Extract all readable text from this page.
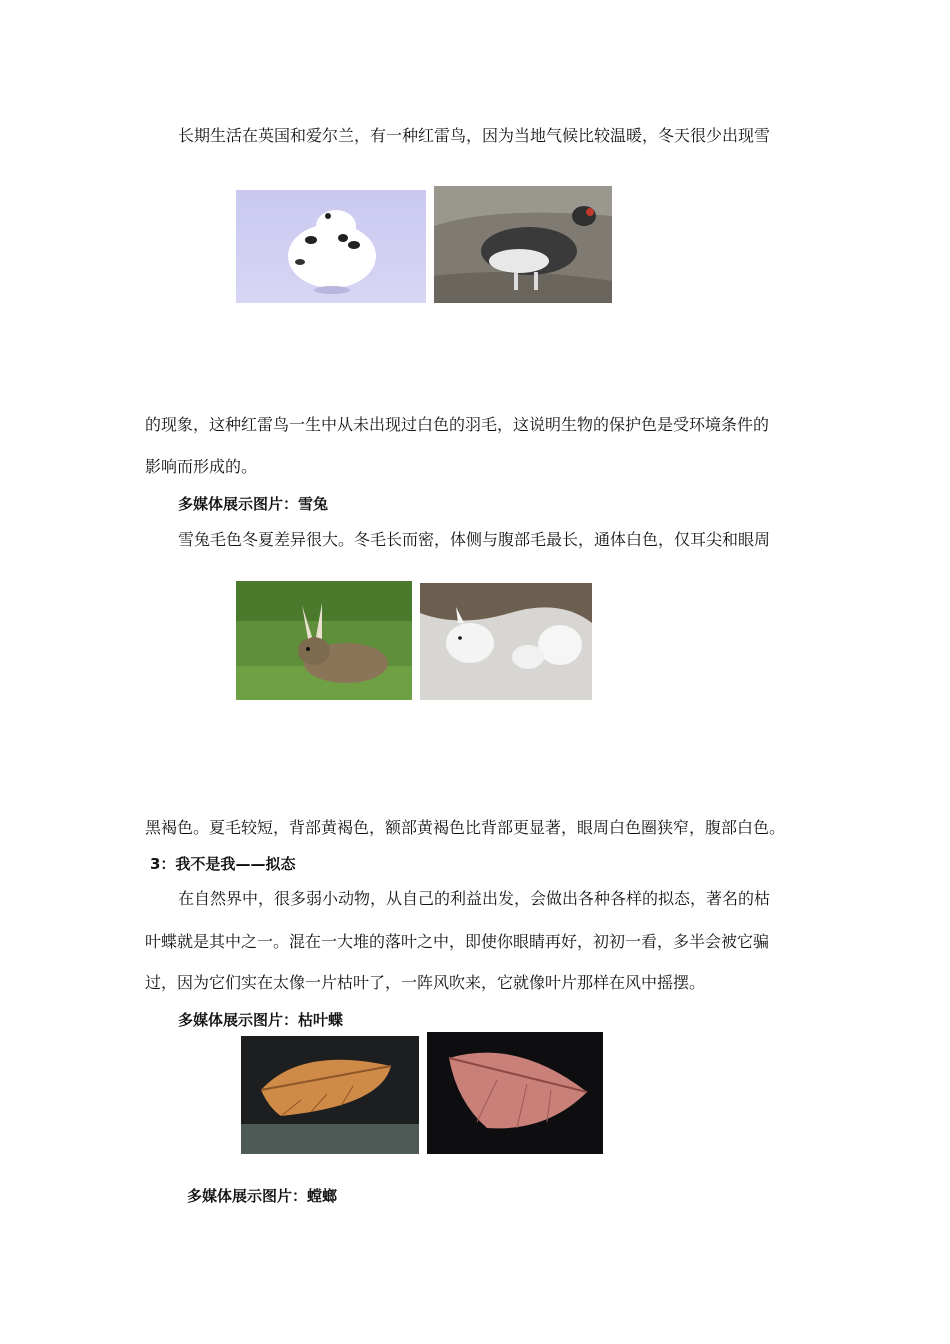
长期生活在英国和爱尔兰，有一种红雷鸟，因为当地气候比较温暖，冬天很少出现雪
的现象，这种红雷鸟一生中从未出现过白色的羽毛，这说明生物的保护色是受环境条件的
影响而形成的。
多媒体展示图片：雪兔
雪兔毛色冬夏差异很大。冬毛长而密，体侧与腹部毛最长，通体白色，仅耳尖和眼周
黑褐色。夏毛较短，背部黄褐色，额部黄褐色比背部更显著，眼周白色圈狭窄，腹部白色。
3：我不是我——拟态
在自然界中，很多弱小动物，从自己的利益出发，会做出各种各样的拟态，著名的枯
叶蝶就是其中之一。混在一大堆的落叶之中，即使你眼睛再好，初初一看，多半会被它骗
过，因为它们实在太像一片枯叶了，一阵风吹来，它就像叶片那样在风中摇摆。
多媒体展示图片：枯叶蝶
多媒体展示图片：螳螂
